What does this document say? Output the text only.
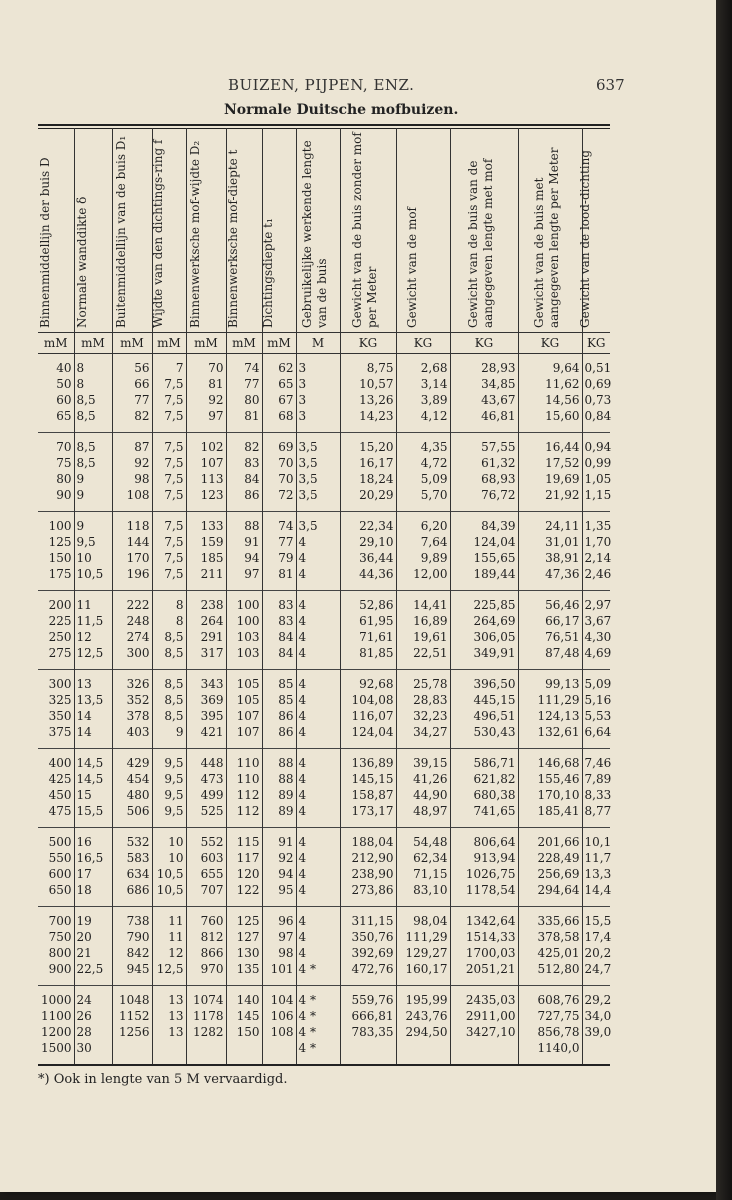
BUIZEN, PIJPEN, ENZ.	637
Normale Duitsche mofbuizen.
Binnenmiddellijn der buis D	Normale wanddikte δ	Buitenmiddellijn van de buis D₁	Wijdte van den dichtings-ring f	Binnenwerksche mof-wijdte D₂	Binnenwerksche mof-diepte t	Dichtingsdiepte t₁	Gebruikelijke werkende lengte van de buis	Gewicht van de buis zonder mof per Meter	Gewicht van de mof	Gewicht van de buis van de aangegeven lengte met mof	Gewicht van de buis met aangegeven lengte per Meter	Gewicht van de lood-dichting

mM	mM	mM	mM	mM	mM	mM	M	KG	KG	KG	KG	KG
40	8	56	7	70	74	62	3	8,75	2,68	28,93	9,64	0,51
50	8	66	7,5	81	77	65	3	10,57	3,14	34,85	11,62	0,69
60	8,5	77	7,5	92	80	67	3	13,26	3,89	43,67	14,56	0,73
65	8,5	82	7,5	97	81	68	3	14,23	4,12	46,81	15,60	0,84
70	8,5	87	7,5	102	82	69	3,5	15,20	4,35	57,55	16,44	0,94
75	8,5	92	7,5	107	83	70	3,5	16,17	4,72	61,32	17,52	0,99
80	9	98	7,5	113	84	70	3,5	18,24	5,09	68,93	19,69	1,05
90	9	108	7,5	123	86	72	3,5	20,29	5,70	76,72	21,92	1,15
100	9	118	7,5	133	88	74	3,5	22,34	6,20	84,39	24,11	1,35
125	9,5	144	7,5	159	91	77	4	29,10	7,64	124,04	31,01	1,70
150	10	170	7,5	185	94	79	4	36,44	9,89	155,65	38,91	2,14
175	10,5	196	7,5	211	97	81	4	44,36	12,00	189,44	47,36	2,46
200	11	222	8	238	100	83	4	52,86	14,41	225,85	56,46	2,97
225	11,5	248	8	264	100	83	4	61,95	16,89	264,69	66,17	3,67
250	12	274	8,5	291	103	84	4	71,61	19,61	306,05	76,51	4,30
275	12,5	300	8,5	317	103	84	4	81,85	22,51	349,91	87,48	4,69
300	13	326	8,5	343	105	85	4	92,68	25,78	396,50	99,13	5,09
325	13,5	352	8,5	369	105	85	4	104,08	28,83	445,15	111,29	5,16
350	14	378	8,5	395	107	86	4	116,07	32,23	496,51	124,13	5,53
375	14	403	9	421	107	86	4	124,04	34,27	530,43	132,61	6,64
400	14,5	429	9,5	448	110	88	4	136,89	39,15	586,71	146,68	7,46
425	14,5	454	9,5	473	110	88	4	145,15	41,26	621,82	155,46	7,89
450	15	480	9,5	499	112	89	4	158,87	44,90	680,38	170,10	8,33
475	15,5	506	9,5	525	112	89	4	173,17	48,97	741,65	185,41	8,77
500	16	532	10	552	115	91	4	188,04	54,48	806,64	201,66	10,1
550	16,5	583	10	603	117	92	4	212,90	62,34	913,94	228,49	11,7
600	17	634	10,5	655	120	94	4	238,90	71,15	1026,75	256,69	13,3
650	18	686	10,5	707	122	95	4	273,86	83,10	1178,54	294,64	14,4
700	19	738	11	760	125	96	4	311,15	98,04	1342,64	335,66	15,5
750	20	790	11	812	127	97	4	350,76	111,29	1514,33	378,58	17,4
800	21	842	12	866	130	98	4	392,69	129,27	1700,03	425,01	20,2
900	22,5	945	12,5	970	135	101	4 *	472,76	160,17	2051,21	512,80	24,7
1000	24	1048	13	1074	140	104	4 *	559,76	195,99	2435,03	608,76	29,2
1100	26	1152	13	1178	145	106	4 *	666,81	243,76	2911,00	727,75	34,0
1200	28	1256	13	1282	150	108	4 *	783,35	294,50	3427,10	856,78	39,0
1500	30						4 *				1140,0	
*) Ook in lengte van 5 M vervaardigd.
